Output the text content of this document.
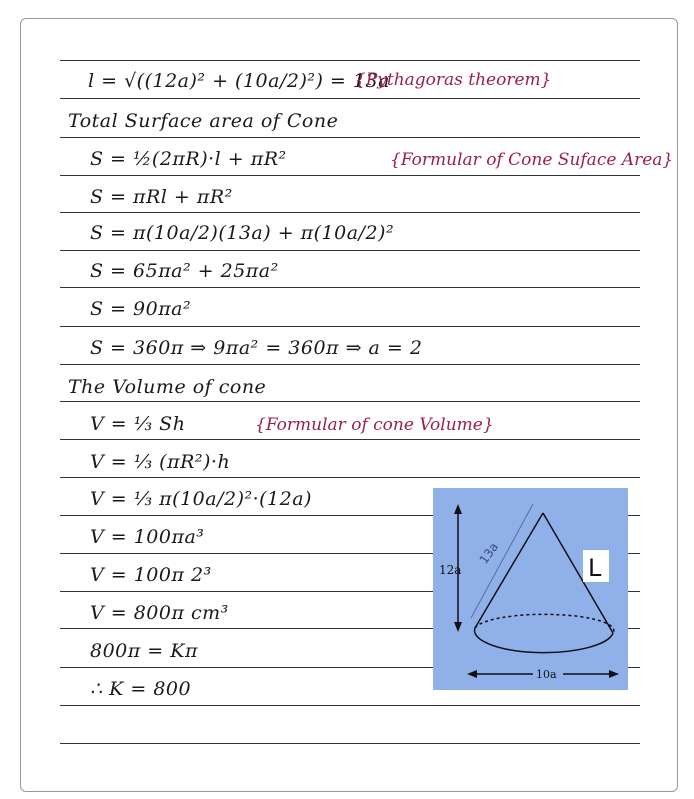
l = √((12a)² + (10a/2)²) = 13a
{Pythagoras theorem}
Total Surface area of Cone
S = ½(2πR)·l + πR²	{Formular of Cone Suface Area}
S = πRl + πR²
S = π(10a/2)(13a) + π(10a/2)²
S = 65πa² + 25πa²
S = 90πa²
S = 360π ⇒ 9πa² = 360π ⇒ a = 2
The Volume of cone
V = ⅓ Sh	{Formular of cone Volume}
V = ⅓ (πR²)·h
V = ⅓ π(10a/2)²·(12a)
V = 100πa³
V = 100π 2³
V = 800π cm³
800π = Kπ
∴ K = 800
12a
13a
10a
L
